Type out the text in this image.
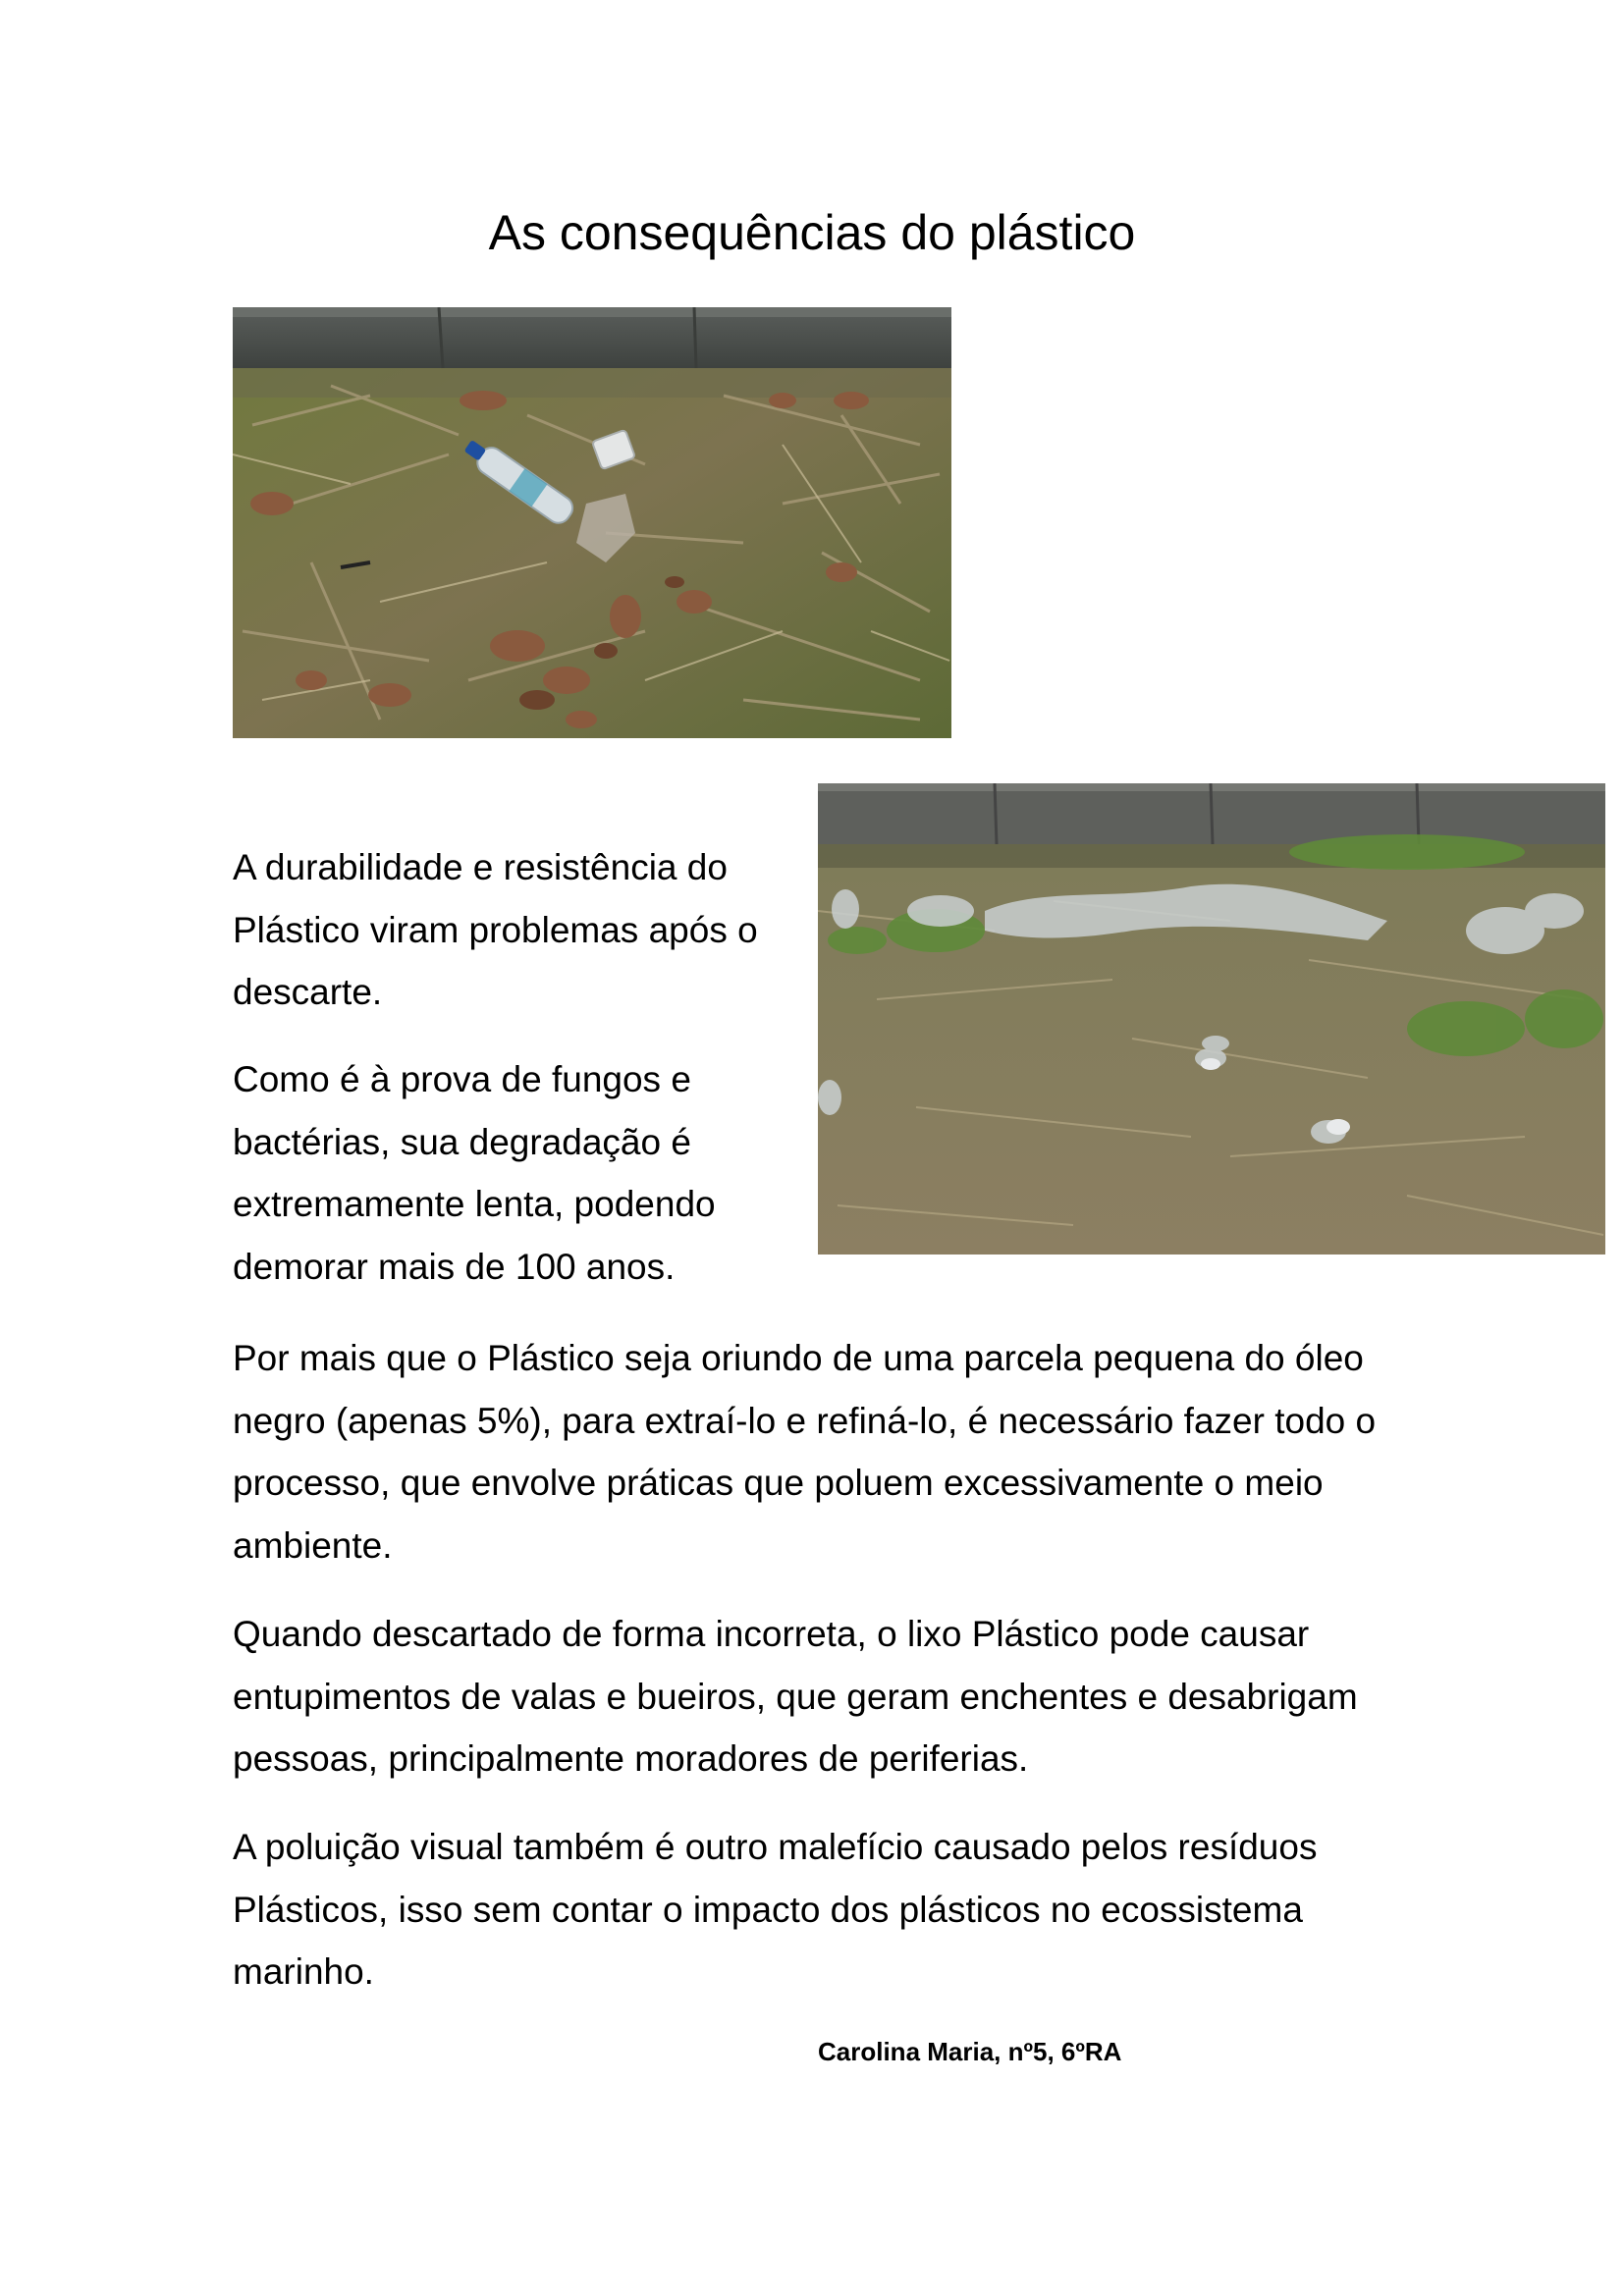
As consequências do plástico

A durabilidade e resistência do Plástico viram problemas após o descarte.

Como é à prova de fungos e bactérias, sua degradação é extremamente lenta, podendo demorar mais de 100 anos.

Por mais que o Plástico seja oriundo de uma parcela pequena do óleo negro (apenas 5%), para extraí-lo e refiná-lo, é necessário fazer todo o processo, que envolve práticas que poluem excessivamente o meio ambiente.

Quando descartado de forma incorreta, o lixo Plástico pode causar entupimentos de valas e bueiros, que geram enchentes e desabrigam pessoas, principalmente moradores de periferias.

A poluição visual também é outro malefício causado pelos resíduos Plásticos, isso sem contar o impacto dos plásticos no ecossistema marinho.

Carolina Maria, nº5, 6ºRA
